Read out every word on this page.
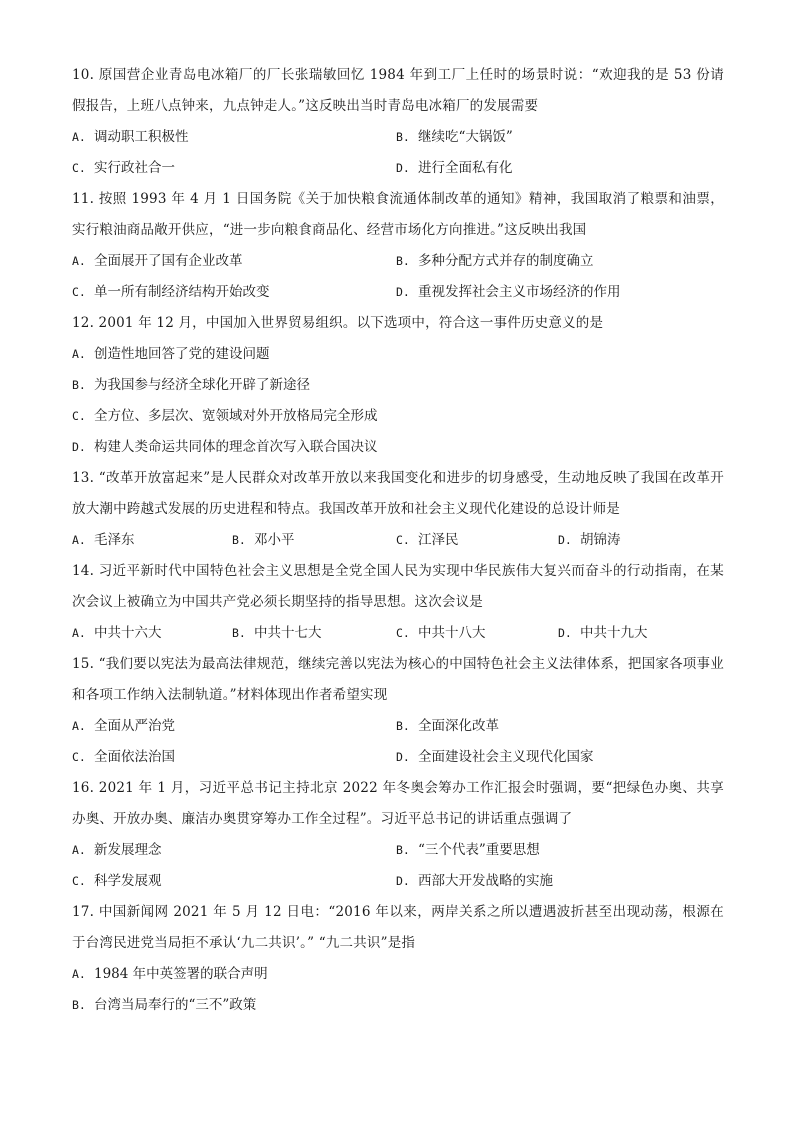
10. 原国营企业青岛电冰箱厂的厂长张瑞敏回忆 1984 年到工厂上任时的场景时说：“欢迎我的是 53 份请假报告，上班八点钟来，九点钟走人。”这反映出当时青岛电冰箱厂的发展需要

A. 调动职工积极性	B. 继续吃“大锅饭”
C. 实行政社合一	D. 进行全面私有化

11. 按照 1993 年 4 月 1 日国务院《关于加快粮食流通体制改革的通知》精神，我国取消了粮票和油票，实行粮油商品敞开供应，“进一步向粮食商品化、经营市场化方向推进。”这反映出我国

A. 全面展开了国有企业改革	B. 多种分配方式并存的制度确立
C. 单一所有制经济结构开始改变	D. 重视发挥社会主义市场经济的作用

12. 2001 年 12 月，中国加入世界贸易组织。以下选项中，符合这一事件历史意义的是

A. 创造性地回答了党的建设问题
B. 为我国参与经济全球化开辟了新途径
C. 全方位、多层次、宽领域对外开放格局完全形成
D. 构建人类命运共同体的理念首次写入联合国决议

13. “改革开放富起来”是人民群众对改革开放以来我国变化和进步的切身感受，生动地反映了我国在改革开放大潮中跨越式发展的历史进程和特点。我国改革开放和社会主义现代化建设的总设计师是

A. 毛泽东	B. 邓小平	C. 江泽民	D. 胡锦涛

14. 习近平新时代中国特色社会主义思想是全党全国人民为实现中华民族伟大复兴而奋斗的行动指南，在某次会议上被确立为中国共产党必须长期坚持的指导思想。这次会议是

A. 中共十六大	B. 中共十七大	C. 中共十八大	D. 中共十九大

15. “我们要以宪法为最高法律规范，继续完善以宪法为核心的中国特色社会主义法律体系，把国家各项事业和各项工作纳入法制轨道。”材料体现出作者希望实现

A. 全面从严治党	B. 全面深化改革
C. 全面依法治国	D. 全面建设社会主义现代化国家

16. 2021 年 1 月，习近平总书记主持北京 2022 年冬奥会筹办工作汇报会时强调，要“把绿色办奥、共享办奥、开放办奥、廉洁办奥贯穿筹办工作全过程”。习近平总书记的讲话重点强调了

A. 新发展理念	B. “三个代表”重要思想
C. 科学发展观	D. 西部大开发战略的实施

17. 中国新闻网 2021 年 5 月 12 日电：“2016 年以来，两岸关系之所以遭遇波折甚至出现动荡，根源在于台湾民进党当局拒不承认‘九二共识’。” “九二共识”是指

A. 1984 年中英签署的联合声明
B. 台湾当局奉行的“三不”政策
